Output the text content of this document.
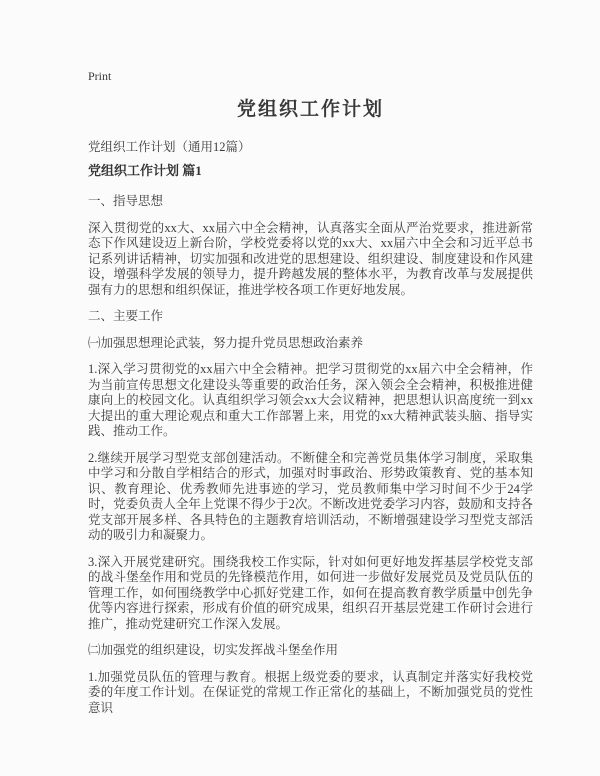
Print
党组织工作计划
党组织工作计划（通用12篇）

党组织工作计划 篇1

一、指导思想

深入贯彻党的xx大、xx届六中全会精神，认真落实全面从严治党要求，推进新常态下作风建设迈上新台阶，学校党委将以党的xx大、xx届六中全会和习近平总书记系列讲话精神，切实加强和改进党的思想建设、组织建设、制度建设和作风建设，增强科学发展的领导力，提升跨越发展的整体水平，为教育改革与发展提供强有力的思想和组织保证，推进学校各项工作更好地发展。

二、主要工作

㈠加强思想理论武装，努力提升党员思想政治素养

1.深入学习贯彻党的xx届六中全会精神。把学习贯彻党的xx届六中全会精神，作为当前宣传思想文化建设头等重要的政治任务，深入领会全会精神，积极推进健康向上的校园文化。认真组织学习领会xx大会议精神，把思想认识高度统一到xx大提出的重大理论观点和重大工作部署上来，用党的xx大精神武装头脑、指导实践、推动工作。

2.继续开展学习型党支部创建活动。不断健全和完善党员集体学习制度，采取集中学习和分散自学相结合的形式，加强对时事政治、形势政策教育、党的基本知识、教育理论、优秀教师先进事迹的学习，党员教师集中学习时间不少于24学时，党委负责人全年上党课不得少于2次。不断改进党委学习内容，鼓励和支持各党支部开展多样、各具特色的主题教育培训活动，不断增强建设学习型党支部活动的吸引力和凝聚力。

3.深入开展党建研究。围绕我校工作实际，针对如何更好地发挥基层学校党支部的战斗堡垒作用和党员的先锋模范作用，如何进一步做好发展党员及党员队伍的管理工作，如何围绕教学中心抓好党建工作，如何在提高教育教学质量中创先争优等内容进行探索，形成有价值的研究成果，组织召开基层党建工作研讨会进行推广，推动党建研究工作深入发展。

㈡加强党的组织建设，切实发挥战斗堡垒作用

1.加强党员队伍的管理与教育。根据上级党委的要求，认真制定并落实好我校党委的年度工作计划。在保证党的常规工作正常化的基础上，不断加强党员的党性意识
